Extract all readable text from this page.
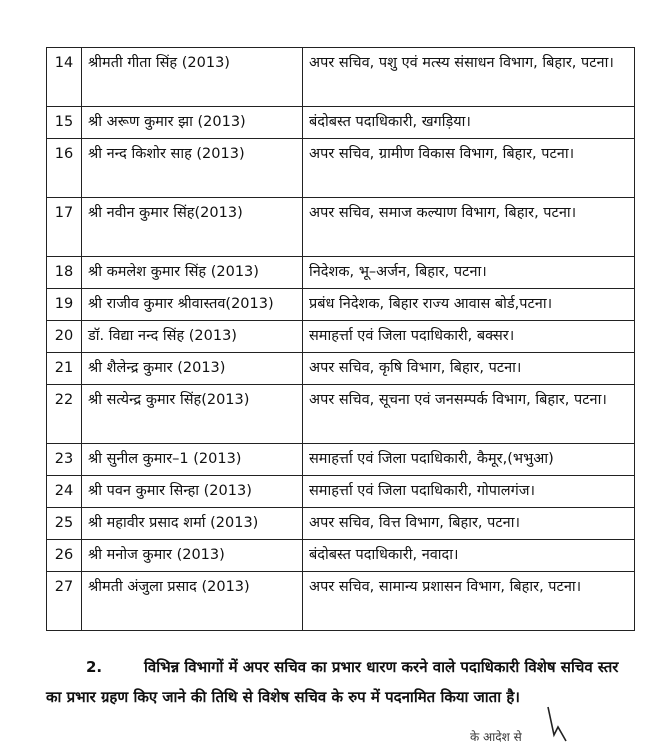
14	श्रीमती गीता सिंह (2013)	अपर सचिव, पशु एवं मत्स्य संसाधन विभाग, बिहार, पटना।
15	श्री अरूण कुमार झा (2013)	बंदोबस्त पदाधिकारी, खगड़िया।
16	श्री नन्द किशोर साह (2013)	अपर सचिव, ग्रामीण विकास विभाग, बिहार, पटना।
17	श्री नवीन कुमार सिंह(2013)	अपर सचिव, समाज कल्याण विभाग, बिहार, पटना।
18	श्री कमलेश कुमार सिंह (2013)	निदेशक, भू–अर्जन, बिहार, पटना।
19	श्री राजीव कुमार श्रीवास्तव(2013)	प्रबंध निदेशक, बिहार राज्य आवास बोर्ड,पटना।
20	डॉ. विद्या नन्द सिंह (2013)	समाहर्त्ता एवं जिला पदाधिकारी, बक्सर।
21	श्री शैलेन्द्र कुमार (2013)	अपर सचिव, कृषि विभाग, बिहार, पटना।
22	श्री सत्येन्द्र कुमार सिंह(2013)	अपर सचिव, सूचना एवं जनसम्पर्क विभाग, बिहार, पटना।
23	श्री सुनील कुमार–1 (2013)	समाहर्त्ता एवं जिला पदाधिकारी, कैमूर,(भभुआ)
24	श्री पवन कुमार सिन्हा (2013)	समाहर्त्ता एवं जिला पदाधिकारी, गोपालगंज।
25	श्री महावीर प्रसाद शर्मा (2013)	अपर सचिव, वित्त विभाग, बिहार, पटना।
26	श्री मनोज कुमार (2013)	बंदोबस्त पदाधिकारी, नवादा।
27	श्रीमती अंजुला प्रसाद (2013)	अपर सचिव, सामान्य प्रशासन विभाग, बिहार, पटना।
2.	विभिन्न विभागों में अपर सचिव का प्रभार धारण करने वाले पदाधिकारी विशेष सचिव स्तर का प्रभार ग्रहण किए जाने की तिथि से विशेष सचिव के रुप में पदनामित किया जाता है।
के आदेश से
